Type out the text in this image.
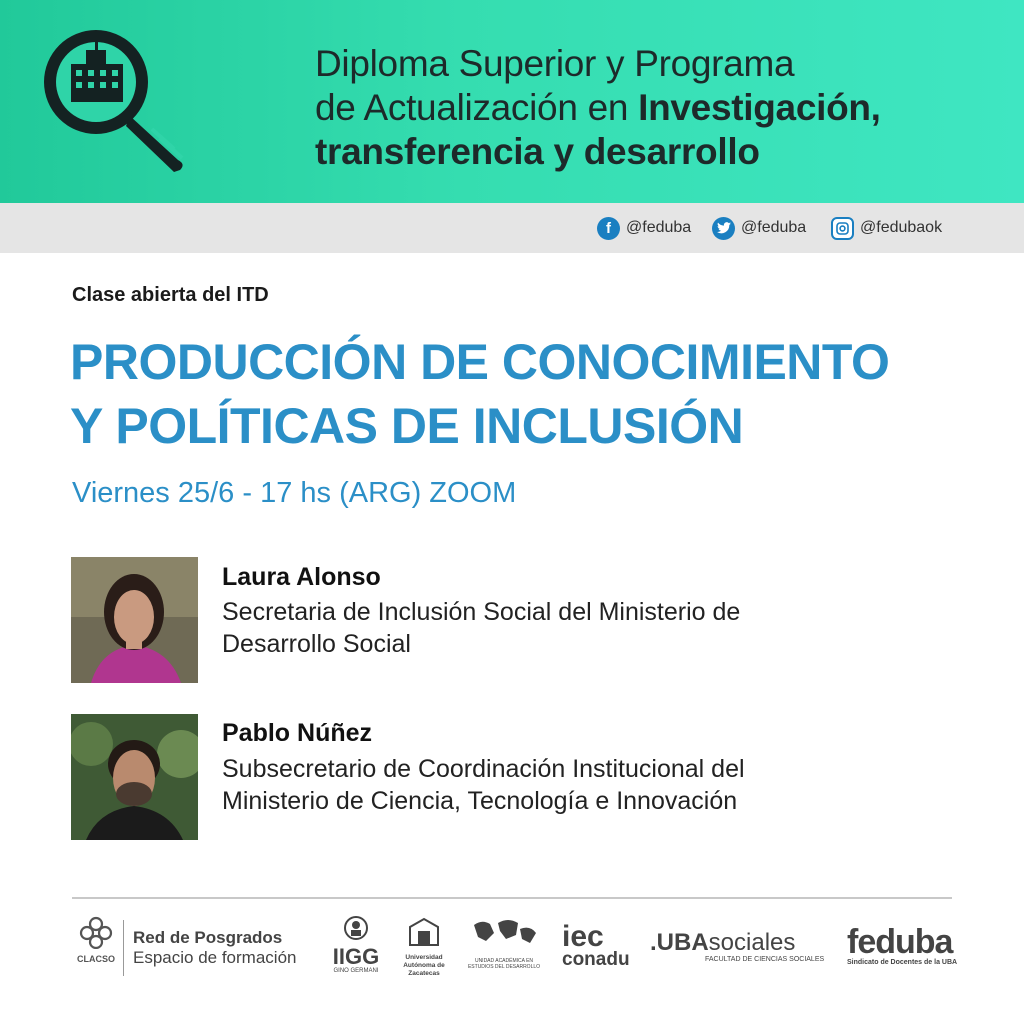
Diploma Superior y Programa
de Actualización en Investigación,
transferencia y desarrollo
f @feduba	@feduba	@fedubaok
Clase abierta del ITD
PRODUCCIÓN DE CONOCIMIENTO
Y POLÍTICAS DE INCLUSIÓN
Viernes 25/6 - 17 hs (ARG) ZOOM
Laura Alonso
Secretaria de Inclusión Social del Ministerio de
Desarrollo Social
Pablo Núñez
Subsecretario de Coordinación Institucional del
Ministerio de Ciencia, Tecnología e Innovación
CLACSO
Red de Posgrados
Espacio de formación IIGG
GINO GERMANI
Universidad Autónoma de Zacatecas
UNIDAD ACADÉMICA EN ESTUDIOS DEL DESARROLLO
iec
conadu
.UBAsociales
FACULTAD DE CIENCIAS SOCIALES feduba
Sindicato de Docentes de la UBA
